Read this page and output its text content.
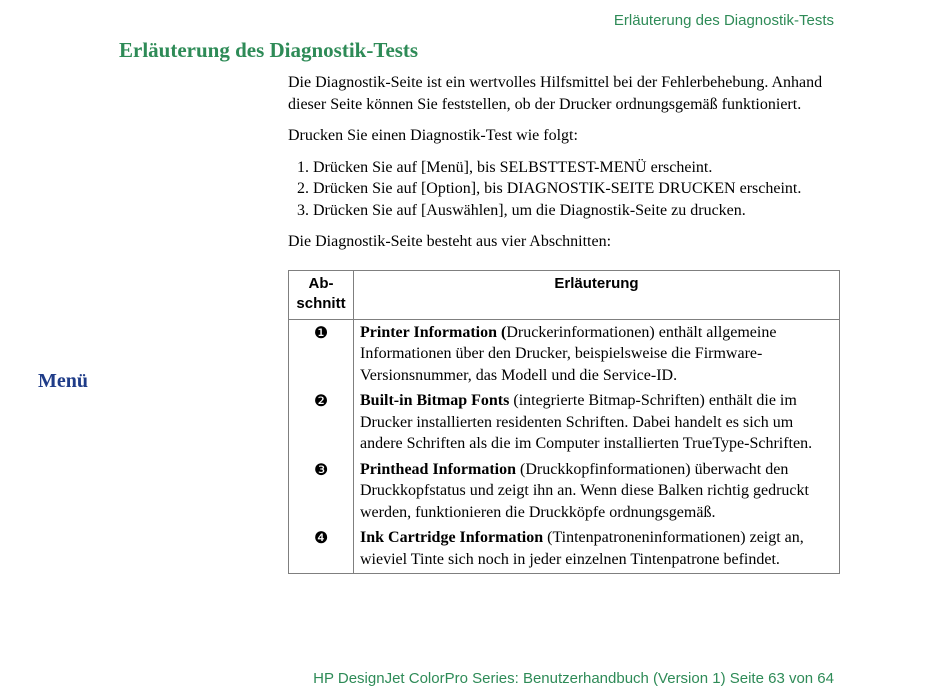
Erläuterung des Diagnostik-Tests
Erläuterung des Diagnostik-Tests
Menü

Die Diagnostik-Seite ist ein wertvolles Hilfsmittel bei der Fehlerbehebung. Anhand dieser Seite können Sie feststellen, ob der Drucker ordnungsgemäß funktioniert.

Drucken Sie einen Diagnostik-Test wie folgt:

1. Drücken Sie auf [Menü], bis SELBSTTEST-MENÜ erscheint.
2. Drücken Sie auf [Option], bis DIAGNOSTIK-SEITE DRUCKEN erscheint.
3. Drücken Sie auf [Auswählen], um die Diagnostik-Seite zu drucken.

Die Diagnostik-Seite besteht aus vier Abschnitten:

Ab-
schnitt	Erläuterung
❶	Printer Information (Druckerinformationen) enthält allgemeine Informationen über den Drucker, beispielsweise die Firmware-Versionsnummer, das Modell und die Service-ID.
❷	Built-in Bitmap Fonts (integrierte Bitmap-Schriften) enthält die im Drucker installierten residenten Schriften. Dabei handelt es sich um andere Schriften als die im Computer installierten TrueType-Schriften.
❸	Printhead Information (Druckkopfinformationen) überwacht den Druckkopfstatus und zeigt ihn an. Wenn diese Balken richtig gedruckt werden, funktionieren die Druckköpfe ordnungsgemäß.
❹	Ink Cartridge Information (Tintenpatroneninformationen) zeigt an, wieviel Tinte sich noch in jeder einzelnen Tintenpatrone befindet.
HP DesignJet ColorPro Series: Benutzerhandbuch (Version 1) Seite 63 von 64
